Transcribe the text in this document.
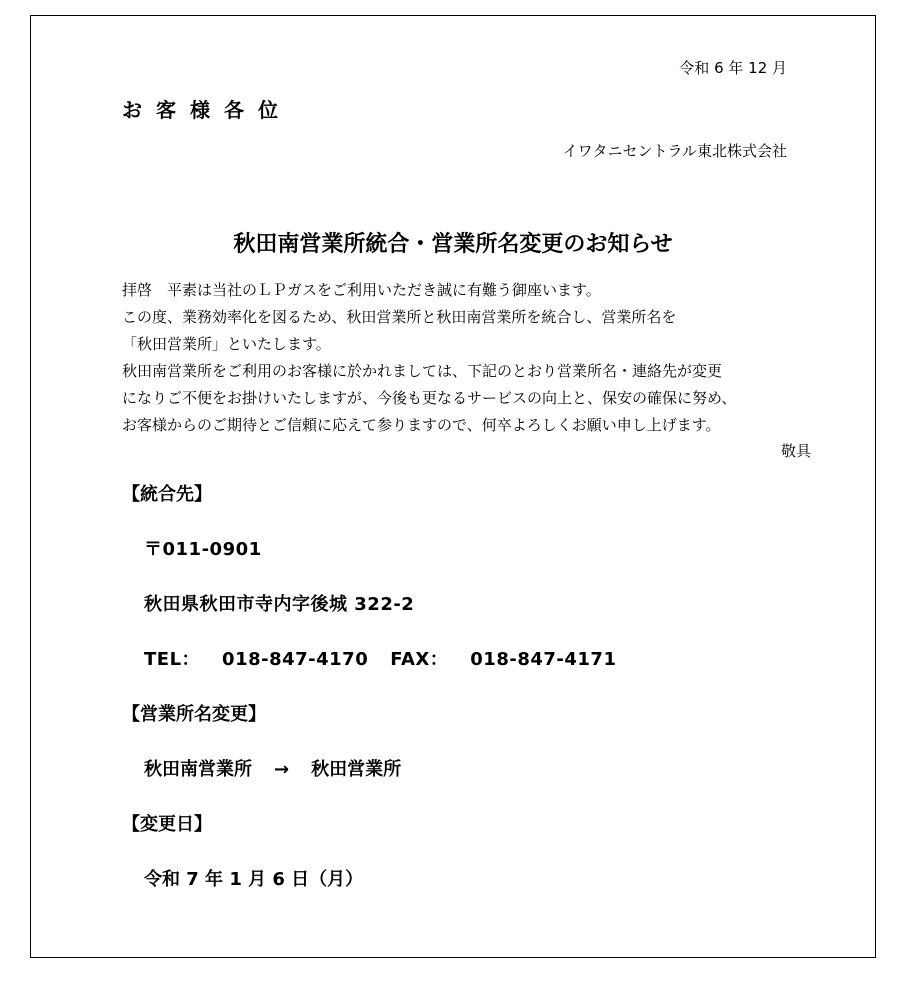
令和 6 年 12 月
お客様各位
イワタニセントラル東北株式会社
秋田南営業所統合・営業所名変更のお知らせ
拝啓　平素は当社のＬＰガスをご利用いただき誠に有難う御座います。
この度、業務効率化を図るため、秋田営業所と秋田南営業所を統合し、営業所名を
「秋田営業所」といたします。
秋田南営業所をご利用のお客様に於かれましては、下記のとおり営業所名・連絡先が変更
になりご不便をお掛けいたしますが、今後も更なるサービスの向上と、保安の確保に努め、
お客様からのご期待とご信頼に応えて参りますので、何卒よろしくお願い申し上げます。
敬具
【統合先】
〒011-0901
秋田県秋田市寺内字後城 322-2
TEL： 018-847-4170 FAX： 018-847-4171
【営業所名変更】
秋田南営業所 → 秋田営業所
【変更日】
令和 7 年 1 月 6 日（月）
